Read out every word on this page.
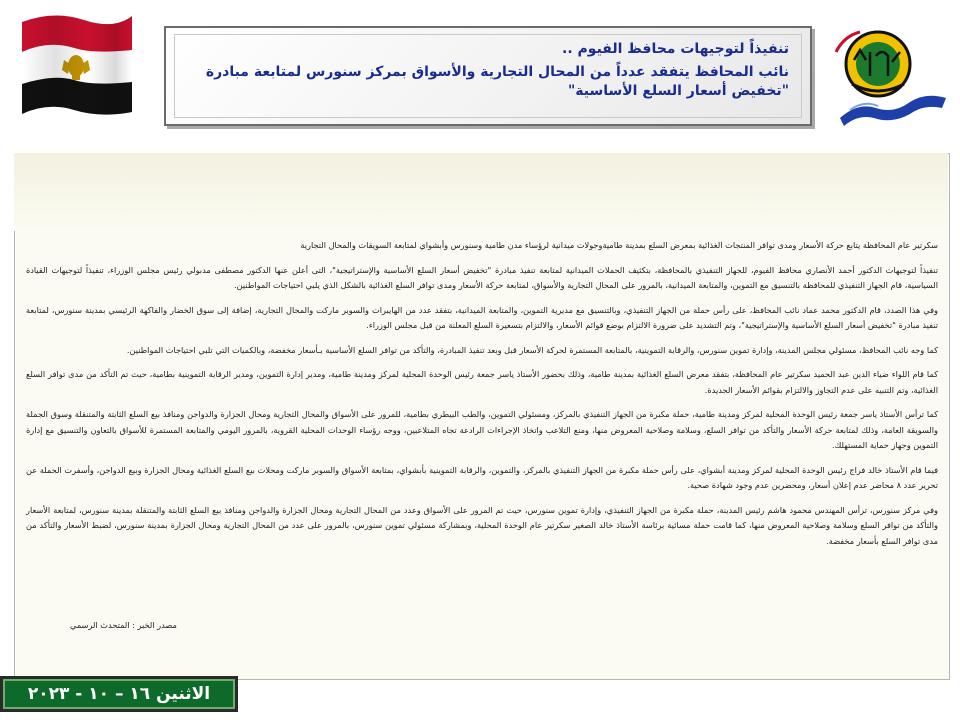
تنفيذاً لتوجيهات محافظ الفيوم ..
نائب المحافظ يتفقد عدداً من المحال التجارية والأسواق بمركز سنورس لمتابعة مبادرة "تخفيض أسعار السلع الأساسية"

سكرتير عام المحافظة يتابع حركة الأسعار ومدى توافر المنتجات الغذائية بمعرض السلع بمدينة طاميةوجولات ميدانية لرؤساء مدن طامية وسنورس وأبشواي لمتابعة السويقات والمحال التجارية

تنفيذاً لتوجيهات الدكتور أحمد الأنصاري محافظ الفيوم، للجهاز التنفيذي بالمحافظة، بتكثيف الحملات الميدانية لمتابعة تنفيذ مبادرة "تخفيض أسعار السلع الأساسية والإستراتيجية"، التى أعلن عنها الدكتور مصطفى مدبولي رئيس مجلس الوزراء، تنفيذاً لتوجيهات القيادة السياسية، قام الجهاز التنفيذي للمحافظة بالتنسيق مع التموين، والمتابعة الميدانية، بالمرور على المحال التجارية والأسواق، لمتابعة حركة الأسعار ومدى توافر السلع الغذائية بالشكل الذي يلبي احتياجات المواطنين.

وفي هذا الصدد، قام الدكتور محمد عماد نائب المحافظ، على رأس حملة من الجهاز التنفيذي، وبالتنسيق مع مديرية التموين، والمتابعة الميدانية، بتفقد عدد من الهايبرات والسوبر ماركت والمحال التجارية، إضافة إلى سوق الخضار والفاكهة الرئيسي بمدينة سنورس، لمتابعة تنفيذ مبادرة "تخفيض أسعار السلع الأساسية والإستراتيجية"، وتم التشديد على ضرورة الالتزام بوضع قوائم الأسعار، والالتزام بتسعيرة السلع المعلنة من قبل مجلس الوزراء.

كما وجه نائب المحافظ، مسئولي مجلس المدينة، وإدارة تموين سنورس، والرقابة التموينية، بالمتابعة المستمرة لحركة الأسعار قبل وبعد تنفيذ المبادرة، والتأكد من توافر السلع الأساسية بـأسعار مخفضة، وبالكميات التي تلبي احتياجات المواطنين.

كما قام اللواء ضياء الدين عبد الحميد سكرتير عام المحافظة، بتفقد معرض السلع الغذائية بمدينة طامية، وذلك بحضور الأستاذ ياسر جمعة رئيس الوحدة المحلية لمركز ومدينة طامية، ومدير إدارة التموين، ومدير الرقابة التموينية بطامية، حيث تم التأكد من مدى توافر السلع الغذائية، وتم التنبيه على عدم التجاوز والالتزام بقوائم الأسعار الجديدة.

كما ترأس الأستاذ ياسر جمعة رئيس الوحدة المحلية لمركز ومدينة طامية، حملة مكبرة من الجهاز التنفيذي بالمركز، ومسئولي التموين، والطب البيطري بطامية، للمرور على الأسواق والمحال التجارية ومحال الجزارة والدواجن ومنافذ بيع السلع الثابتة والمتنقلة وسوق الجملة والسويقة العامة، وذلك لمتابعة حركة الأسعار والتأكد من توافر السلع، وسلامة وصلاحية المعروض منها، ومنع التلاعب واتخاذ الإجراءات الرادعة تجاه المتلاعبين، ووجه رؤساء الوحدات المحلية القروية، بالمرور اليومي والمتابعة المستمرة للأسواق بالتعاون والتنسيق مع إدارة التموين وجهاز حماية المستهلك.

فيما قام الأستاذ خالد فراج رئيس الوحدة المحلية لمركز ومدينة أبشواي، على رأس حملة مكبرة من الجهاز التنفيذي بالمركز، والتموين، والرقابة التموينية بأبشواي، بمتابعة الأسواق والسوبر ماركت ومحلات بيع السلع الغذائية ومحال الجزارة وبيع الدواجن، وأسفرت الحملة عن تحرير عدد ٨ محاضر عدم إعلان أسعار، ومحضرين عدم وجود شهادة صحية.

وفي مركز سنورس، ترأس المهندس محمود هاشم رئيس المدينة، حملة مكبرة من الجهاز التنفيذي، وإدارة تموين سنورس، حيث تم المرور على الأسواق وعدد من المحال التجارية ومحال الجزارة والدواجن ومنافذ بيع السلع الثابتة والمتنقلة بمدينة سنورس، لمتابعة الأسعار والتأكد من توافر السلع وسلامة وصلاحية المعروض منها، كما قامت حملة مسائية برئاسة الأستاذ خالد الصغير سكرتير عام الوحدة المحلية، وبمشاركة مسئولي تموين سنورس، بالمرور على عدد من المحال التجارية ومحال الجزارة بمدينة سنورس، لضبط الأسعار والتأكد من مدى توافر السلع بأسعار مخفضة.

مصدر الخبر : المتحدث الرسمي
الاثنين ١٦ – ١٠ - ٢٠٢٣
